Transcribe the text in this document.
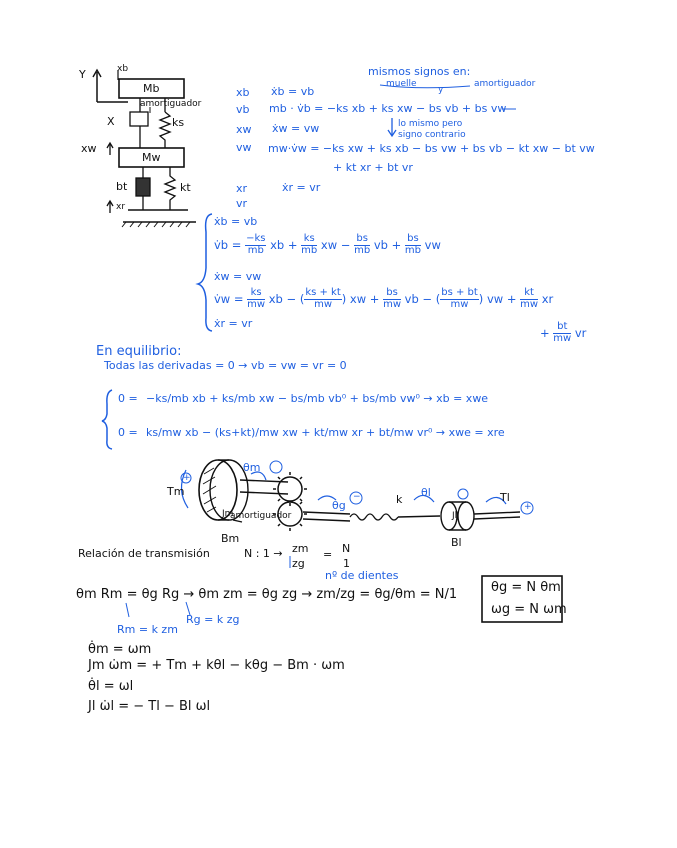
Y	xb
Mb
amortiguador
ks
X
xw
Mw
bt	kt
xr
xb
vb
xw
vw
xr
vr
ẋb = vb
mb · v̇b = −ks xb + ks xw − bs vb + bs vw
ẋw = vw
mw·v̇w = −ks xw + ks xb − bs vw + bs vb − kt xw − bt vw
+ kt xr + bt vr
ẋr = vr
mismos signos en:
muelle
y
amortiguador
lo mismo pero
signo contrario
ẋb = vb
v̇b = $\frac{-ks}{mb}$ xb + $\frac{ks}{mb}$ xw − $\frac{bs}{mb}$ vb + $\frac{bs}{mb}$ vw
ẋw = vw
v̇w = $\frac{ks}{mw}$ xb − ( $\frac{ks + kt}{mw}$ ) xw + $\frac{bs}{mw}$ vb − ( $\frac{bs + bt}{mw}$ ) vw + $\frac{kt}{mw}$ xr
+ $\frac{bt}{mw}$ vr
ẋr = vr
En equilibrio:
Todas las derivadas = 0 → vb = vw = vr = 0
0 = −ks/mb xb + ks/mb xw − bs/mb vb⁰ + bs/mb vw⁰ → xb = xwe
0 = ks/mw xb − (ks+kt)/mw xw + kt/mw xr + bt/mw vr⁰ → xwe = xre
Tm
+
θm
Jm
amortiguador
Bm
θg
−	k
θl
Jl
Tl
+
Bl
Relación de transmisión	N : 1 → zm
zg
= N
1
nº de dientes
θm Rm = θg Rg → θm zm = θg zg → zm/zg = θg/θm = N/1
Rm = k zm
Rg = k zg
θg = N θm
ωg = N ωm
θ̇m = ωm
Jm ω̇m = + Tm + kθl − kθg − Bm · ωm
θ̇l = ωl
Jl ω̇l = − Tl − Bl ωl
